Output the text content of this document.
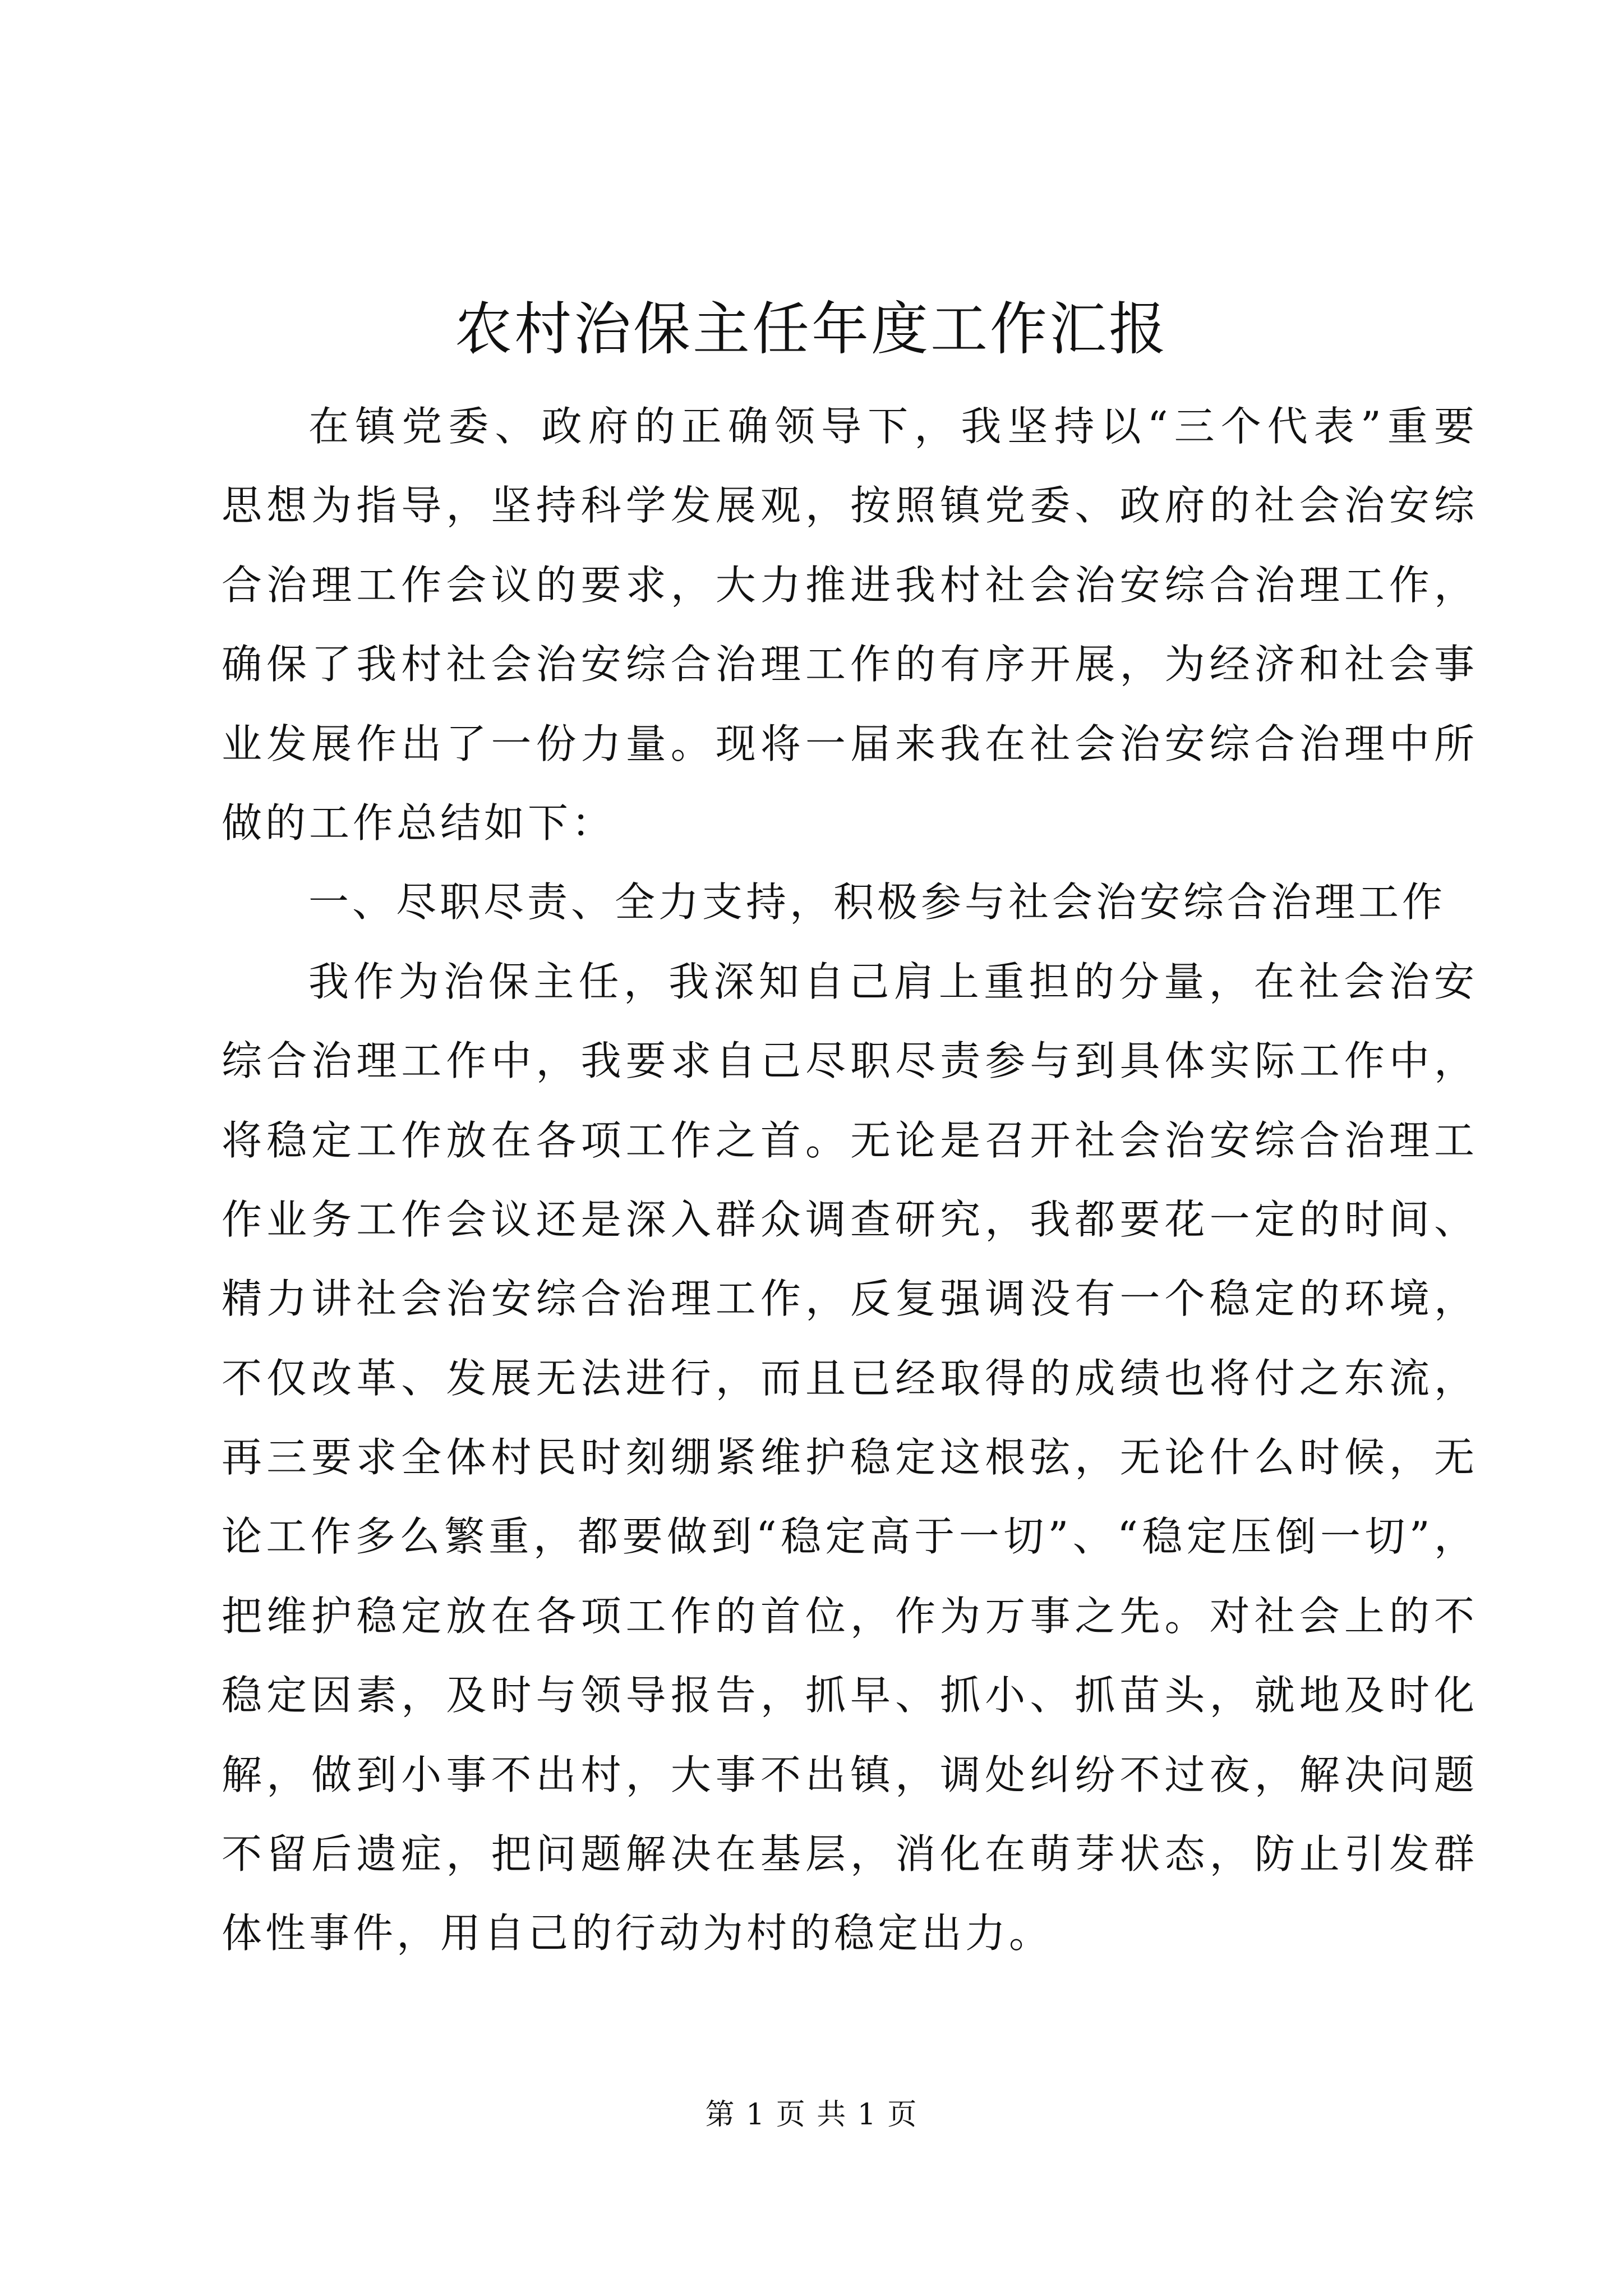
农村治保主任年度工作汇报
在镇党委、政府的正确领导下，我坚持以“三个代表”重要
思想为指导，坚持科学发展观，按照镇党委、政府的社会治安综
合治理工作会议的要求，大力推进我村社会治安综合治理工作，
确保了我村社会治安综合治理工作的有序开展，为经济和社会事
业发展作出了一份力量。现将一届来我在社会治安综合治理中所
做的工作总结如下：
一、尽职尽责、全力支持，积极参与社会治安综合治理工作
我作为治保主任，我深知自己肩上重担的分量，在社会治安
综合治理工作中，我要求自己尽职尽责参与到具体实际工作中，
将稳定工作放在各项工作之首。无论是召开社会治安综合治理工
作业务工作会议还是深入群众调查研究，我都要花一定的时间、
精力讲社会治安综合治理工作，反复强调没有一个稳定的环境，
不仅改革、发展无法进行，而且已经取得的成绩也将付之东流，
再三要求全体村民时刻绷紧维护稳定这根弦，无论什么时候，无
论工作多么繁重，都要做到“稳定高于一切”、“稳定压倒一切”，
把维护稳定放在各项工作的首位，作为万事之先。对社会上的不
稳定因素，及时与领导报告，抓早、抓小、抓苗头，就地及时化
解，做到小事不出村，大事不出镇，调处纠纷不过夜，解决问题
不留后遗症，把问题解决在基层，消化在萌芽状态，防止引发群
体性事件，用自己的行动为村的稳定出力。
第 1 页 共 1 页
